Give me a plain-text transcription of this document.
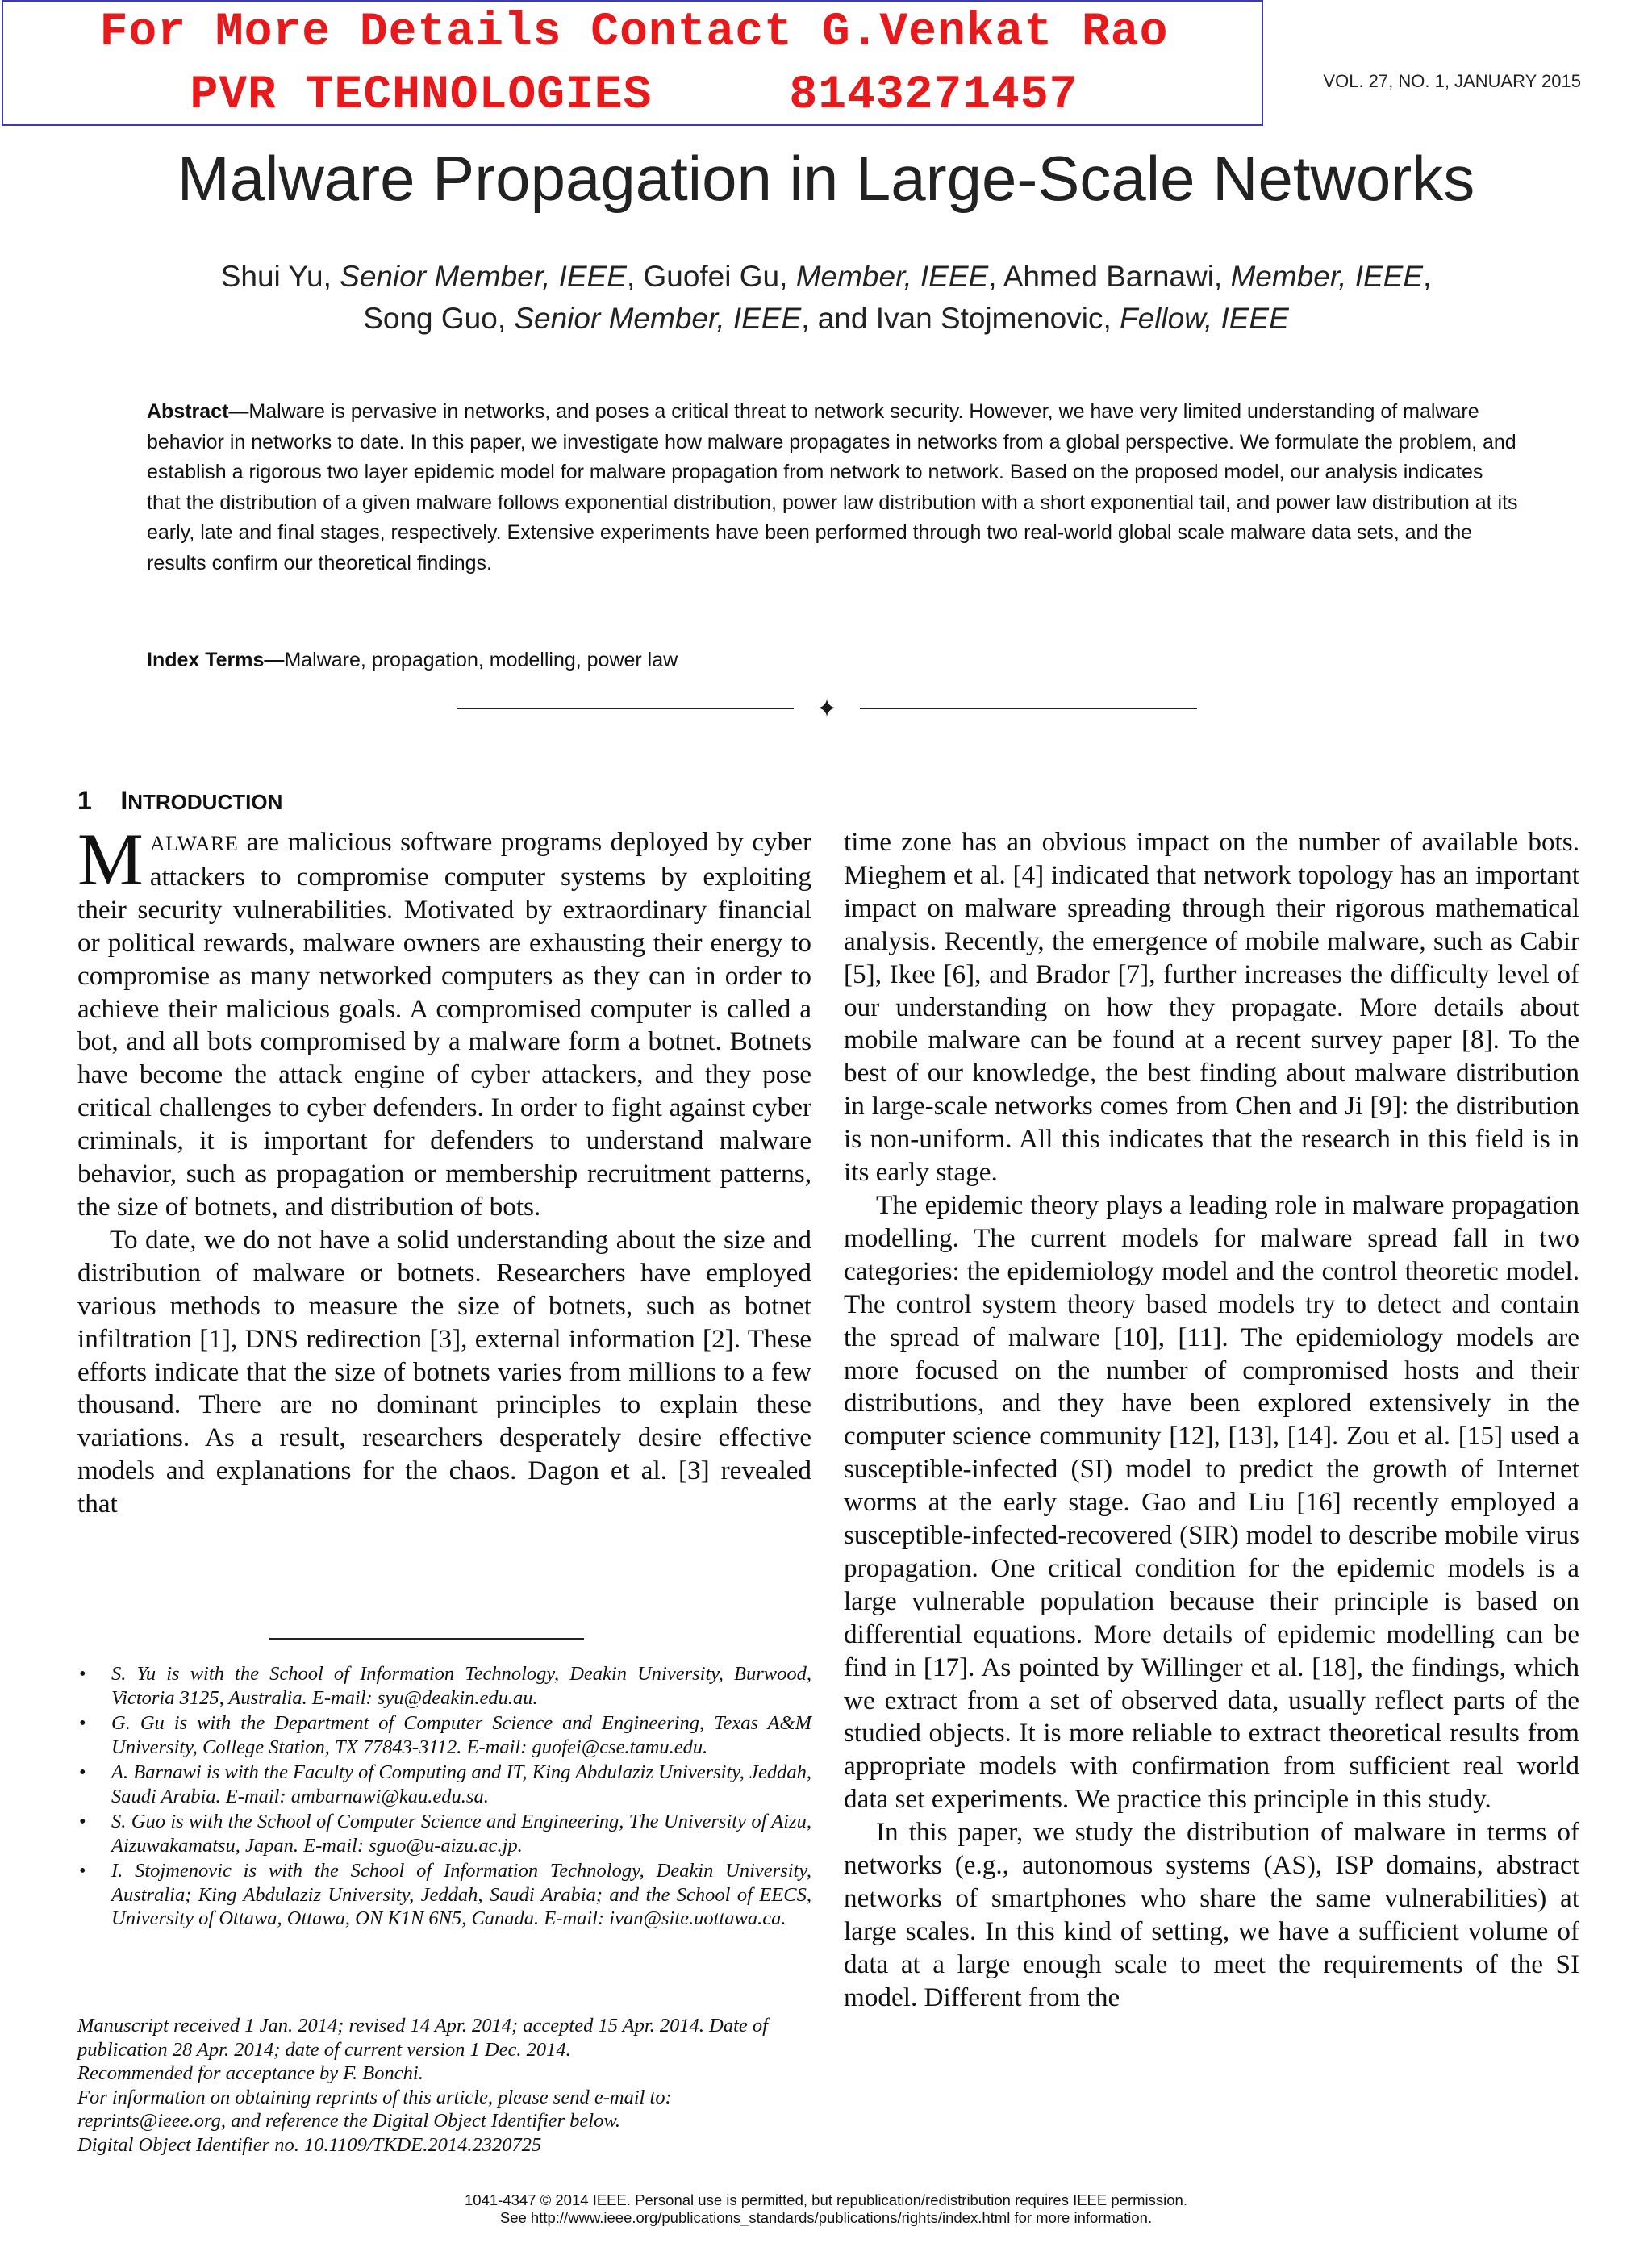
For More Details Contact G.Venkat Rao
PVR TECHNOLOGIES	8143271457	VOL. 27, NO. 1, JANUARY 2015
Malware Propagation in Large-Scale Networks
Shui Yu, Senior Member, IEEE, Guofei Gu, Member, IEEE, Ahmed Barnawi, Member, IEEE,
Song Guo, Senior Member, IEEE, and Ivan Stojmenovic, Fellow, IEEE
Abstract—Malware is pervasive in networks, and poses a critical threat to network security. However, we have very limited understanding of malware behavior in networks to date. In this paper, we investigate how malware propagates in networks from a global perspective. We formulate the problem, and establish a rigorous two layer epidemic model for malware propagation from network to network. Based on the proposed model, our analysis indicates that the distribution of a given malware follows exponential distribution, power law distribution with a short exponential tail, and power law distribution at its early, late and final stages, respectively. Extensive experiments have been performed through two real-world global scale malware data sets, and the results confirm our theoretical findings.
Index Terms—Malware, propagation, modelling, power law
✦
1 INTRODUCTION

MALWARE are malicious software programs deployed by cyber attackers to compromise computer systems by exploiting their security vulnerabilities. Motivated by extraordinary financial or political rewards, malware owners are exhausting their energy to compromise as many networked computers as they can in order to achieve their malicious goals. A compromised computer is called a bot, and all bots compromised by a malware form a botnet. Botnets have become the attack engine of cyber attackers, and they pose critical challenges to cyber defenders. In order to fight against cyber criminals, it is important for defenders to understand malware behavior, such as propagation or membership recruitment patterns, the size of botnets, and distribution of bots.

To date, we do not have a solid understanding about the size and distribution of malware or botnets. Researchers have employed various methods to measure the size of botnets, such as botnet infiltration [1], DNS redirection [3], external information [2]. These efforts indicate that the size of botnets varies from millions to a few thousand. There are no dominant principles to explain these variations. As a result, researchers desperately desire effective models and explanations for the chaos. Dagon et al. [3] revealed that

time zone has an obvious impact on the number of available bots. Mieghem et al. [4] indicated that network topology has an important impact on malware spreading through their rigorous mathematical analysis. Recently, the emergence of mobile malware, such as Cabir [5], Ikee [6], and Brador [7], further increases the difficulty level of our understanding on how they propagate. More details about mobile malware can be found at a recent survey paper [8]. To the best of our knowledge, the best finding about malware distribution in large-scale networks comes from Chen and Ji [9]: the distribution is non-uniform. All this indicates that the research in this field is in its early stage.

The epidemic theory plays a leading role in malware propagation modelling. The current models for malware spread fall in two categories: the epidemiology model and the control theoretic model. The control system theory based models try to detect and contain the spread of malware [10], [11]. The epidemiology models are more focused on the number of compromised hosts and their distributions, and they have been explored extensively in the computer science community [12], [13], [14]. Zou et al. [15] used a susceptible-infected (SI) model to predict the growth of Internet worms at the early stage. Gao and Liu [16] recently employed a susceptible-infected-recovered (SIR) model to describe mobile virus propagation. One critical condition for the epidemic models is a large vulnerable population because their principle is based on differential equations. More details of epidemic modelling can be find in [17]. As pointed by Willinger et al. [18], the findings, which we extract from a set of observed data, usually reflect parts of the studied objects. It is more reliable to extract theoretical results from appropriate models with confirmation from sufficient real world data set experiments. We practice this principle in this study.

In this paper, we study the distribution of malware in terms of networks (e.g., autonomous systems (AS), ISP domains, abstract networks of smartphones who share the same vulnerabilities) at large scales. In this kind of setting, we have a sufficient volume of data at a large enough scale to meet the requirements of the SI model. Different from the

• S. Yu is with the School of Information Technology, Deakin University, Burwood, Victoria 3125, Australia. E-mail: syu@deakin.edu.au.
• G. Gu is with the Department of Computer Science and Engineering, Texas A&M University, College Station, TX 77843-3112. E-mail: guofei@cse.tamu.edu.
• A. Barnawi is with the Faculty of Computing and IT, King Abdulaziz University, Jeddah, Saudi Arabia. E-mail: ambarnawi@kau.edu.sa.
• S. Guo is with the School of Computer Science and Engineering, The University of Aizu, Aizuwakamatsu, Japan. E-mail: sguo@u-aizu.ac.jp.
• I. Stojmenovic is with the School of Information Technology, Deakin University, Australia; King Abdulaziz University, Jeddah, Saudi Arabia; and the School of EECS, University of Ottawa, Ottawa, ON K1N 6N5, Canada. E-mail: ivan@site.uottawa.ca.
Manuscript received 1 Jan. 2014; revised 14 Apr. 2014; accepted 15 Apr. 2014. Date of publication 28 Apr. 2014; date of current version 1 Dec. 2014.
Recommended for acceptance by F. Bonchi.
For information on obtaining reprints of this article, please send e-mail to: reprints@ieee.org, and reference the Digital Object Identifier below.
Digital Object Identifier no. 10.1109/TKDE.2014.2320725
1041-4347 © 2014 IEEE. Personal use is permitted, but republication/redistribution requires IEEE permission.
See http://www.ieee.org/publications_standards/publications/rights/index.html for more information.
